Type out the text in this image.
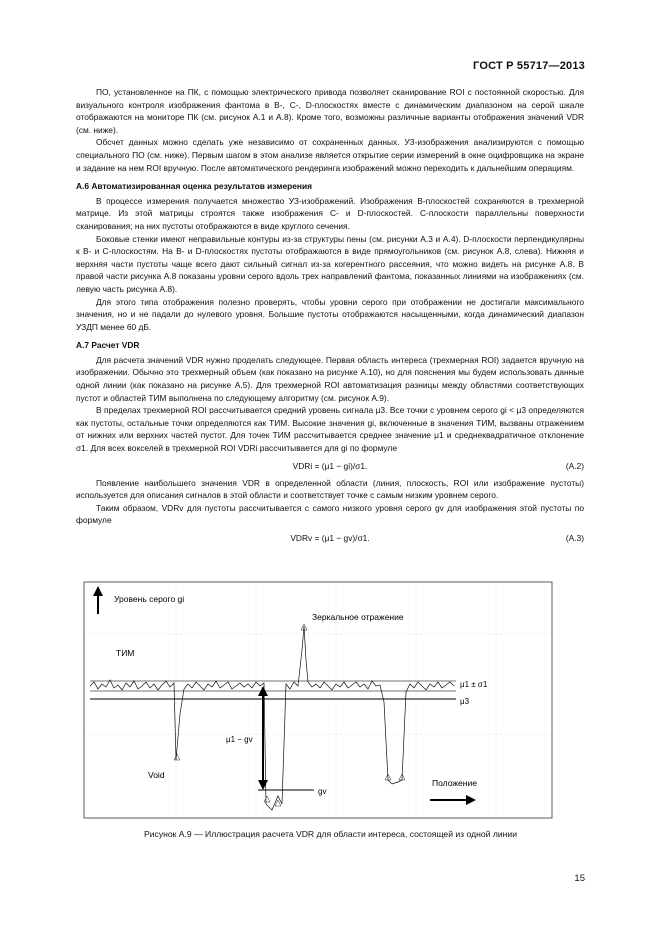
ГОСТ Р 55717—2013

ПО, установленное на ПК, с помощью электрического привода позволяет сканирование ROI с постоянной скоростью. Для визуального контроля изображения фантома в B-, C-, D-плоскостях вместе с динамическим диапазоном на серой шкале отображаются на мониторе ПК (см. рисунок А.1 и А.8). Кроме того, возможны различные варианты отображения значений VDR (см. ниже).

Обсчет данных можно сделать уже независимо от сохраненных данных. УЗ-изображения анализируются с помощью специального ПО (см. ниже). Первым шагом в этом анализе является открытие серии измерений в окне оцифровщика на экране и задание на нем ROI вручную. После автоматического рендеринга изображений можно переходить к дальнейшим операциям.

А.6 Автоматизированная оценка результатов измерения

В процессе измерения получается множество УЗ-изображений. Изображения B-плоскостей сохраняются в трехмерной матрице. Из этой матрицы строятся также изображения C- и D-плоскостей. C-плоскости параллельны поверхности сканирования; на них пустоты отображаются в виде круглого сечения.

Боковые стенки имеют неправильные контуры из-за структуры пены (см. рисунки А.3 и А.4). D-плоскости перпендикулярны к B- и C-плоскостям. На B- и D-плоскостях пустоты отображаются в виде прямоугольников (см. рисунок А.8, слева). Нижняя и верхняя части пустоты чаще всего дают сильный сигнал из-за когерентного рассеяния, что можно видеть на рисунке А.8. В правой части рисунка А.8 показаны уровни серого вдоль трех направлений фантома, показанных линиями на изображениях (см. левую часть рисунка А.8).

Для этого типа отображения полезно проверять, чтобы уровни серого при отображении не достигали максимального значения, но и не падали до нулевого уровня. Большие пустоты отображаются насыщенными, когда динамический диапазон УЗДП менее 60 дБ.

А.7 Расчет VDR

Для расчета значений VDR нужно проделать следующее. Первая область интереса (трехмерная ROI) задается вручную на изображении. Обычно это трехмерный объем (как показано на рисунке А.10), но для пояснения мы будем использовать данные одной линии (как показано на рисунке А.5). Для трехмерной ROI автоматизация разницы между областями соответствующих пустот и областей ТИМ выполнена по следующему алгоритму (см. рисунок А.9).

В пределах трехмерной ROI рассчитывается средний уровень сигнала μ3. Все точки с уровнем серого gi < μ3 определяются как пустоты, остальные точки определяются как ТИМ. Высокие значения gi, включенные в значения ТИМ, вызваны отражением от нижних или верхних частей пустот. Для точек ТИМ рассчитывается среднее значение μ1 и среднеквадратичное отклонение σ1. Для всех вокселей в трехмерной ROI VDRi рассчитывается для gi по формуле

VDRi = (μ1 − gi)/σ1.	(А.2)

Появление наибольшего значения VDR в определенной области (линия, плоскость, ROI или изображение пустоты) используется для описания сигналов в этой области и соответствует точке с самым низким уровнем серого.

Таким образом, VDRv для пустоты рассчитывается с самого низкого уровня серого gv для изображения этой пустоты по формуле

VDRv = (μ1 − gv)/σ1.	(А.3)
Уровень серого gi
Зеркальное отражение
ТИМ
μ1 ± σ1
μ3
μ1 − gv
Void
gv
Положение
Рисунок А.9 — Иллюстрация расчета VDR для области интереса, состоящей из одной линии
15
